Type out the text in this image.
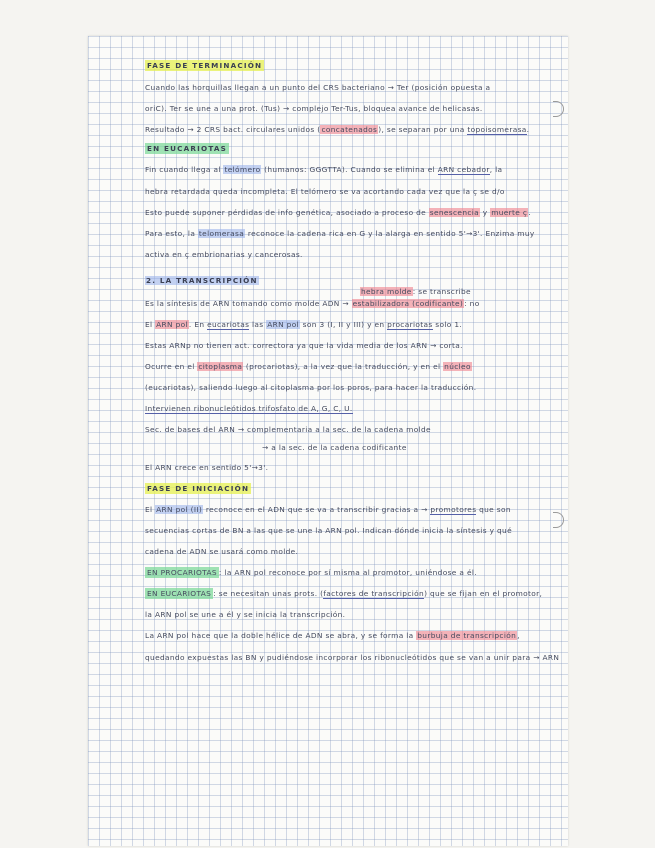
FASE DE TERMINACIÓN
Cuando las horquillas llegan a un punto del CRS bacteriano → Ter (posición opuesta a
oriC). Ter se une a una prot. (Tus) → complejo Ter-Tus, bloquea avance de helicasas.
Resultado → 2 CRS bact. circulares unidos (concatenados), se separan por una topoisomerasa.
EN EUCARIOTAS
Fin cuando llega al telómero (humanos: GGGTTA). Cuando se elimina el ARN cebador, la
hebra retardada queda incompleta. El telómero se va acortando cada vez que la ç se d/o
Esto puede suponer pérdidas de info genética, asociado a proceso de senescencia y muerte ç.
Para esto, la telomerasa reconoce la cadena rica en G y la alarga en sentido 5'→3'. Enzima muy
activa en ç embrionarias y cancerosas.
2. LA TRANSCRIPCIÓN
hebra molde: se transcribe
Es la síntesis de ARN tomando como molde ADN → estabilizadora (codificante): no
El ARN pol. En eucariotas las ARN pol son 3 (I, II y III) y en procariotas solo 1.
Estas ARNp no tienen act. correctora ya que la vida media de los ARN → corta.
Ocurre en el citoplasma (procariotas), a la vez que la traducción, y en el núcleo
(eucariotas), saliendo luego al citoplasma por los poros, para hacer la traducción.
Intervienen ribonucleótidos trifosfato de A, G, C, U.
Sec. de bases del ARN → complementaria a la sec. de la cadena molde
→ a la sec. de la cadena codificante
El ARN crece en sentido 5'→3'.
FASE DE INICIACIÓN
El ARN pol (II) reconoce en el ADN que se va a transcribir gracias a → promotores que son
secuencias cortas de BN a las que se une la ARN pol. Indican dónde inicia la síntesis y qué
cadena de ADN se usará como molde.
EN PROCARIOTAS : la ARN pol reconoce por sí misma al promotor, uniéndose a él.
EN EUCARIOTAS : se necesitan unas prots. (factores de transcripción) que se fijan en el promotor,
la ARN pol se une a él y se inicia la transcripción.
La ARN pol hace que la doble hélice de ADN se abra, y se forma la burbuja de transcripción,
quedando expuestas las BN y pudiéndose incorporar los ribonucleótidos que se van a unir para → ARN
